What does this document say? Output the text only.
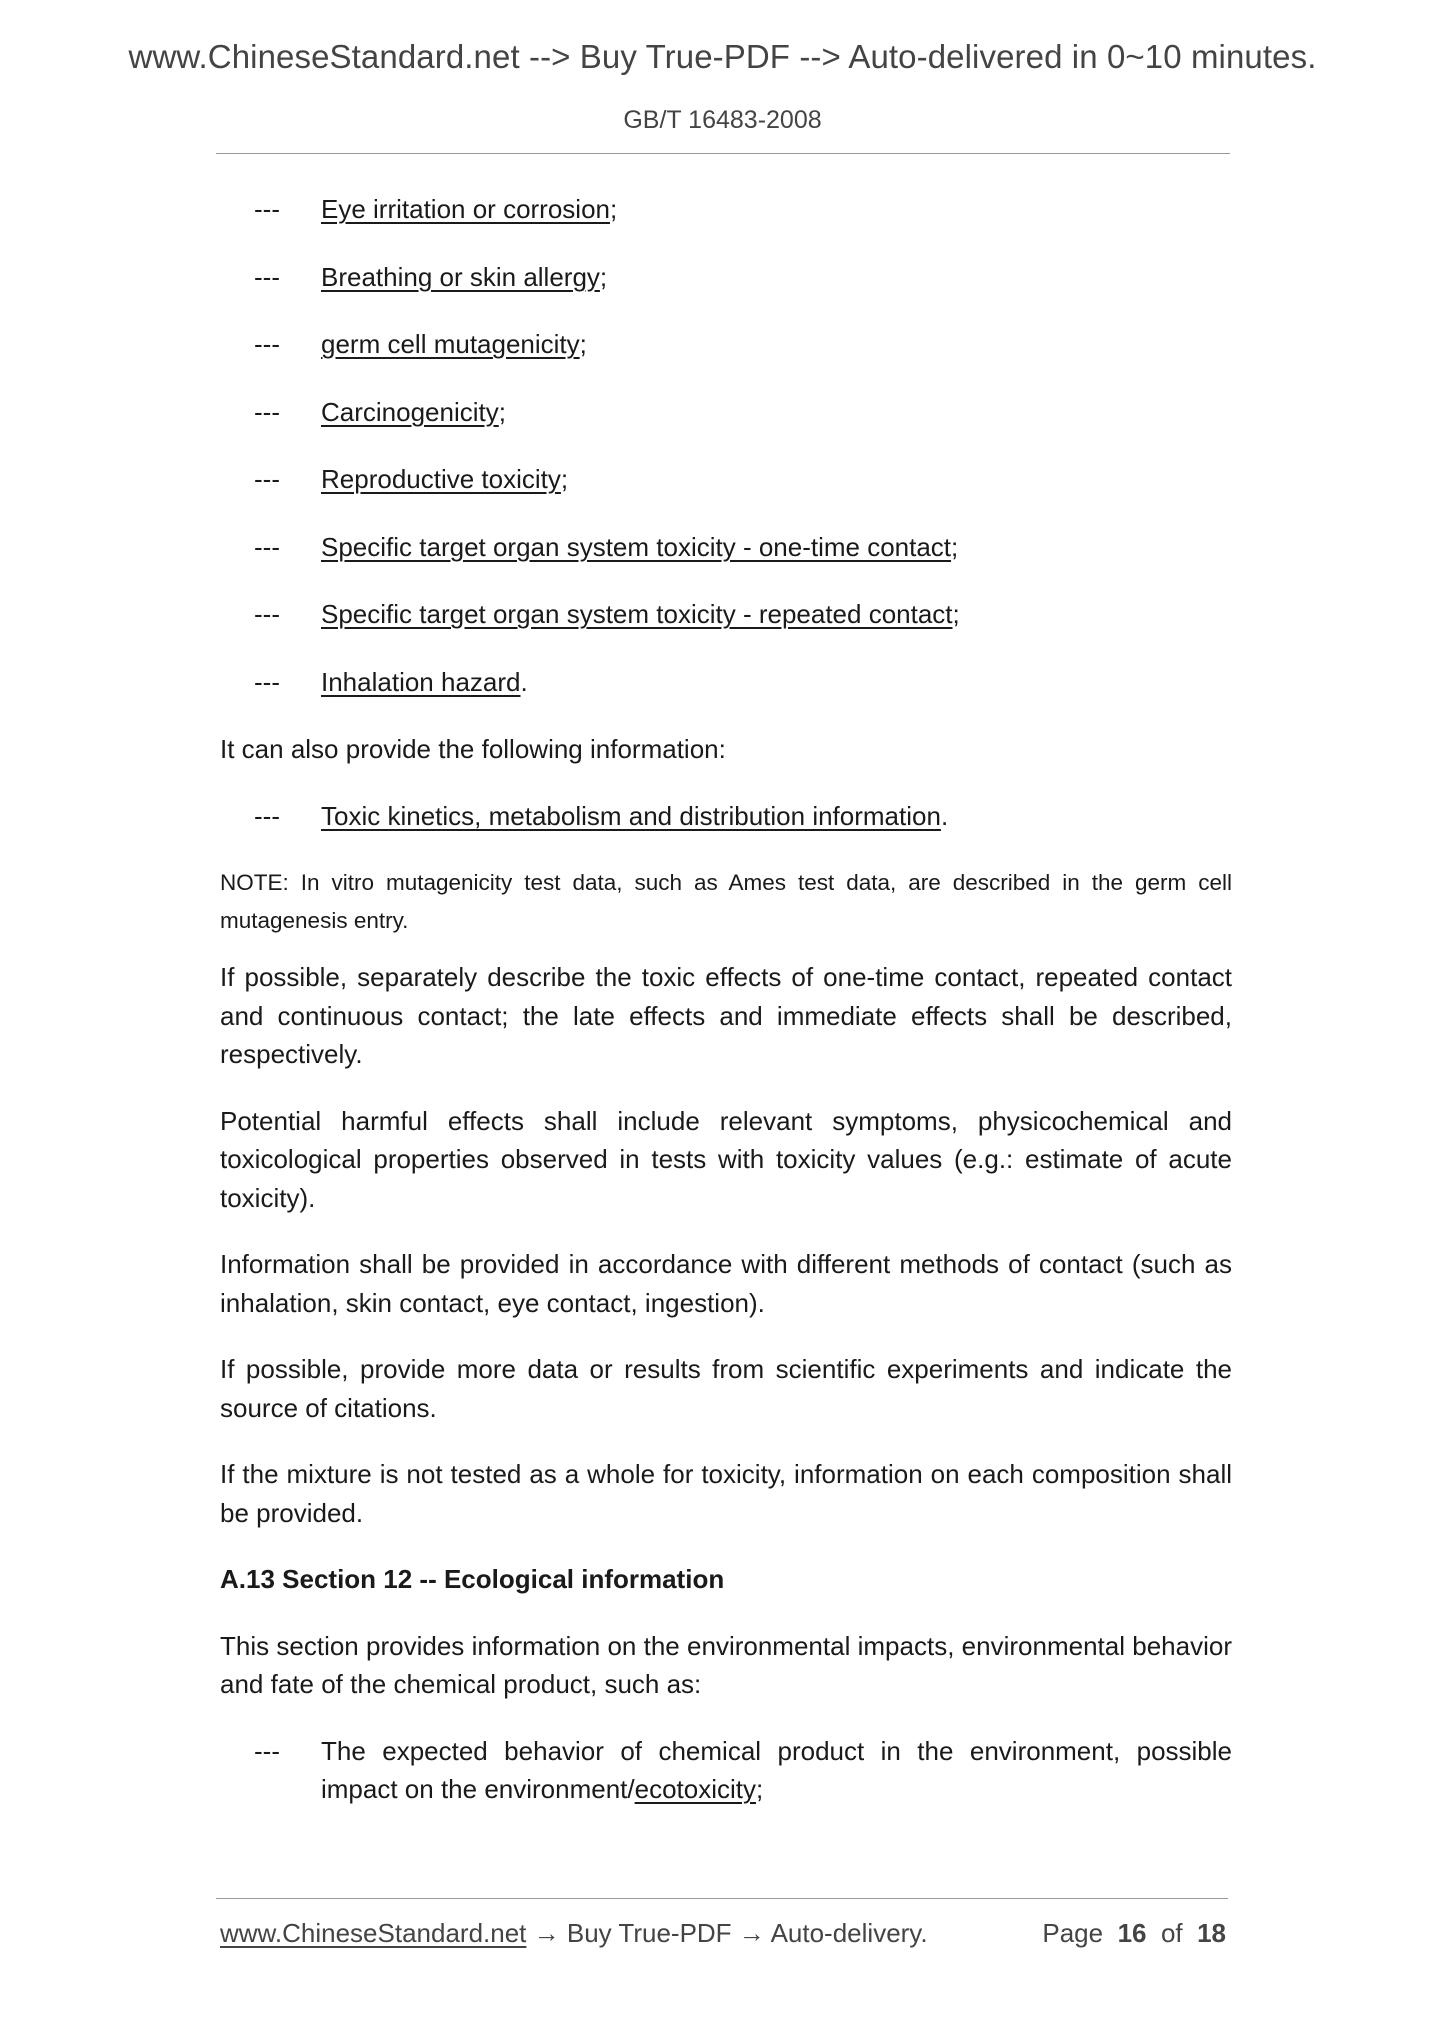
www.ChineseStandard.net --> Buy True-PDF --> Auto-delivered in 0~10 minutes.
GB/T 16483-2008
--- Eye irritation or corrosion;
--- Breathing or skin allergy;
--- germ cell mutagenicity;
--- Carcinogenicity;
--- Reproductive toxicity;
--- Specific target organ system toxicity - one-time contact;
--- Specific target organ system toxicity - repeated contact;
--- Inhalation hazard.

It can also provide the following information:

--- Toxic kinetics, metabolism and distribution information.

NOTE: In vitro mutagenicity test data, such as Ames test data, are described in the germ cell mutagenesis entry.

If possible, separately describe the toxic effects of one-time contact, repeated contact and continuous contact; the late effects and immediate effects shall be described, respectively.

Potential harmful effects shall include relevant symptoms, physicochemical and toxicological properties observed in tests with toxicity values (e.g.: estimate of acute toxicity).

Information shall be provided in accordance with different methods of contact (such as inhalation, skin contact, eye contact, ingestion).

If possible, provide more data or results from scientific experiments and indicate the source of citations.

If the mixture is not tested as a whole for toxicity, information on each composition shall be provided.

A.13 Section 12 -- Ecological information

This section provides information on the environmental impacts, environmental behavior and fate of the chemical product, such as:

--- The expected behavior of chemical product in the environment, possible impact on the environment/ecotoxicity;
www.ChineseStandard.net → Buy True-PDF → Auto-delivery.	Page 16 of 18
